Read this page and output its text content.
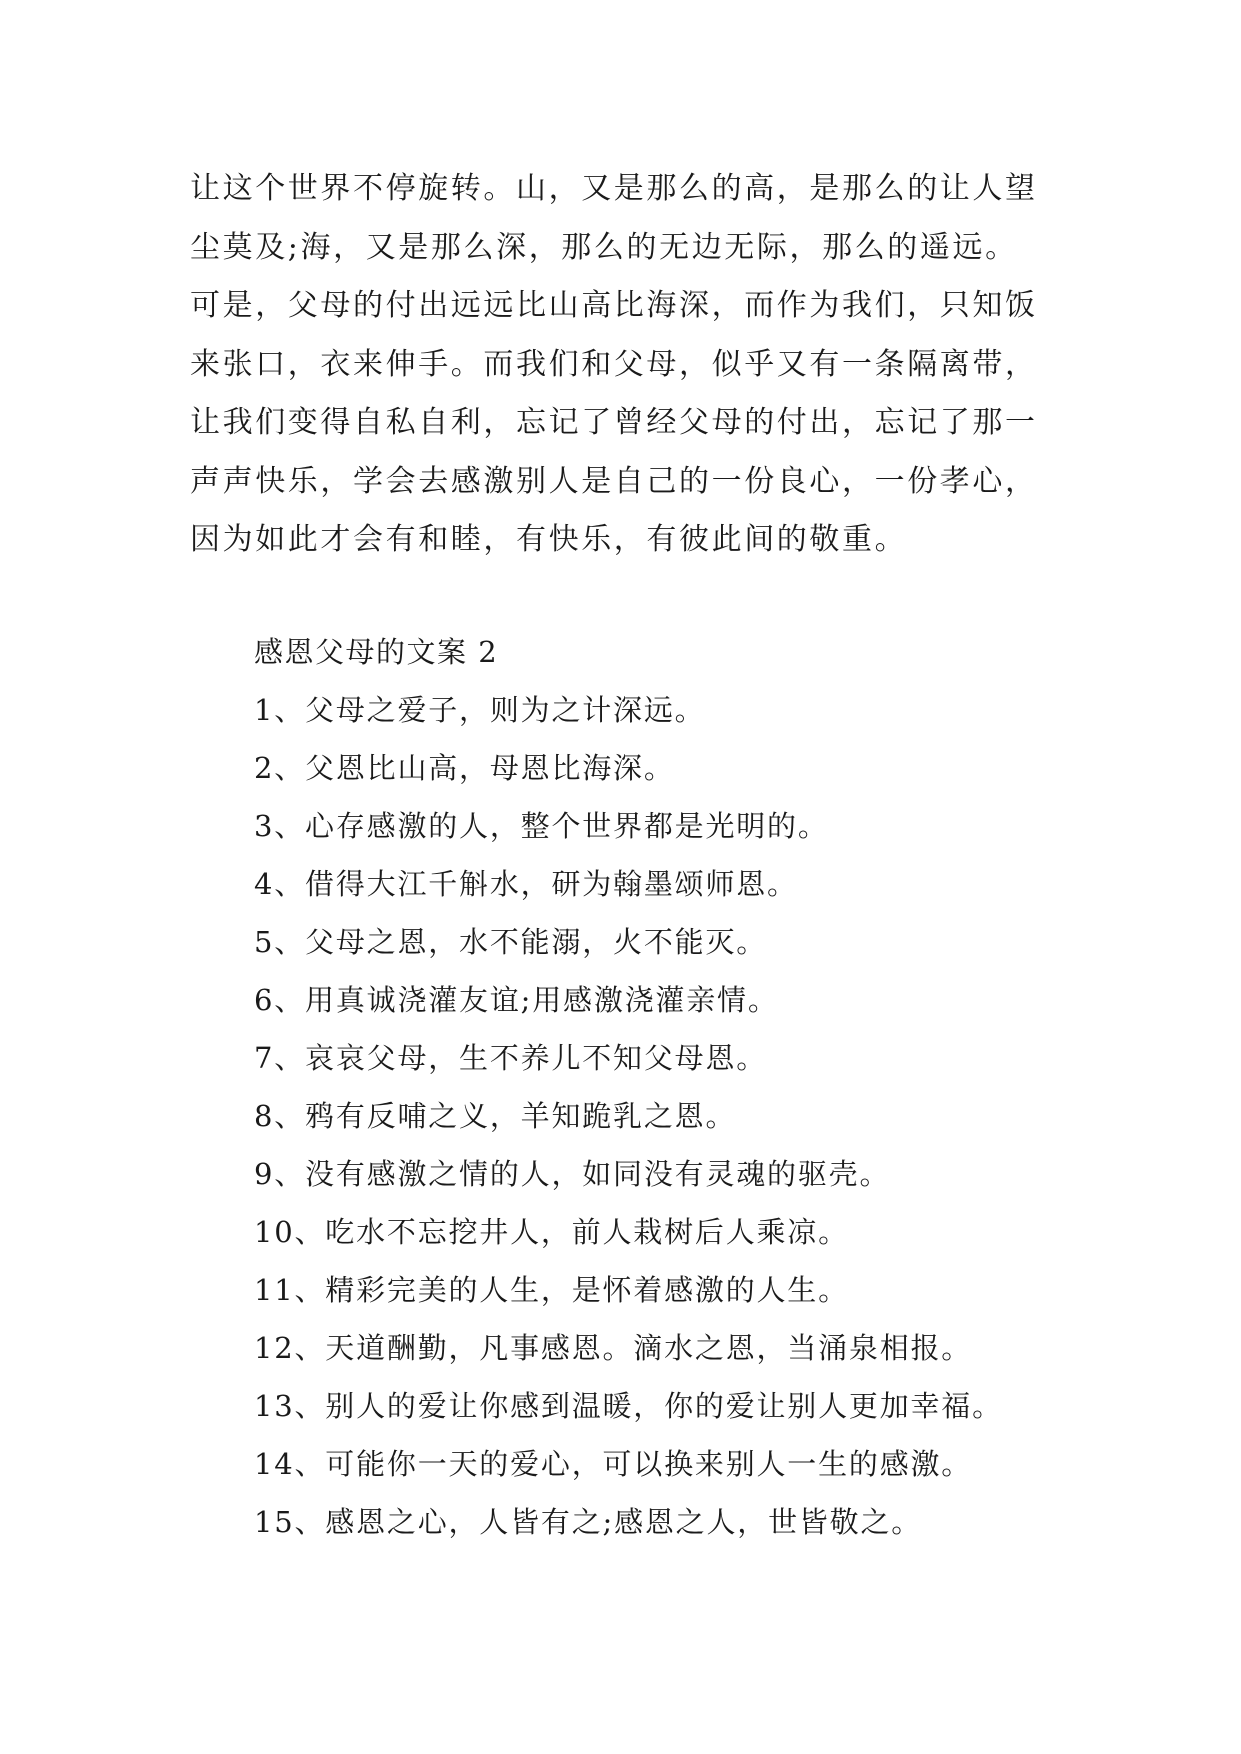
让这个世界不停旋转。山，又是那么的高，是那么的让人望
尘莫及;海，又是那么深，那么的无边无际，那么的遥远。
可是，父母的付出远远比山高比海深，而作为我们，只知饭
来张口，衣来伸手。而我们和父母，似乎又有一条隔离带，
让我们变得自私自利，忘记了曾经父母的付出，忘记了那一
声声快乐，学会去感激别人是自己的一份良心，一份孝心，
因为如此才会有和睦，有快乐，有彼此间的敬重。
感恩父母的文案 2
1、父母之爱子，则为之计深远。
2、父恩比山高，母恩比海深。
3、心存感激的人，整个世界都是光明的。
4、借得大江千斛水，研为翰墨颂师恩。
5、父母之恩，水不能溺，火不能灭。
6、用真诚浇灌友谊;用感激浇灌亲情。
7、哀哀父母，生不养儿不知父母恩。
8、鸦有反哺之义，羊知跪乳之恩。
9、没有感激之情的人，如同没有灵魂的驱壳。
10、吃水不忘挖井人，前人栽树后人乘凉。
11、精彩完美的人生，是怀着感激的人生。
12、天道酬勤，凡事感恩。滴水之恩，当涌泉相报。
13、别人的爱让你感到温暖，你的爱让别人更加幸福。
14、可能你一天的爱心，可以换来别人一生的感激。
15、感恩之心，人皆有之;感恩之人，世皆敬之。
